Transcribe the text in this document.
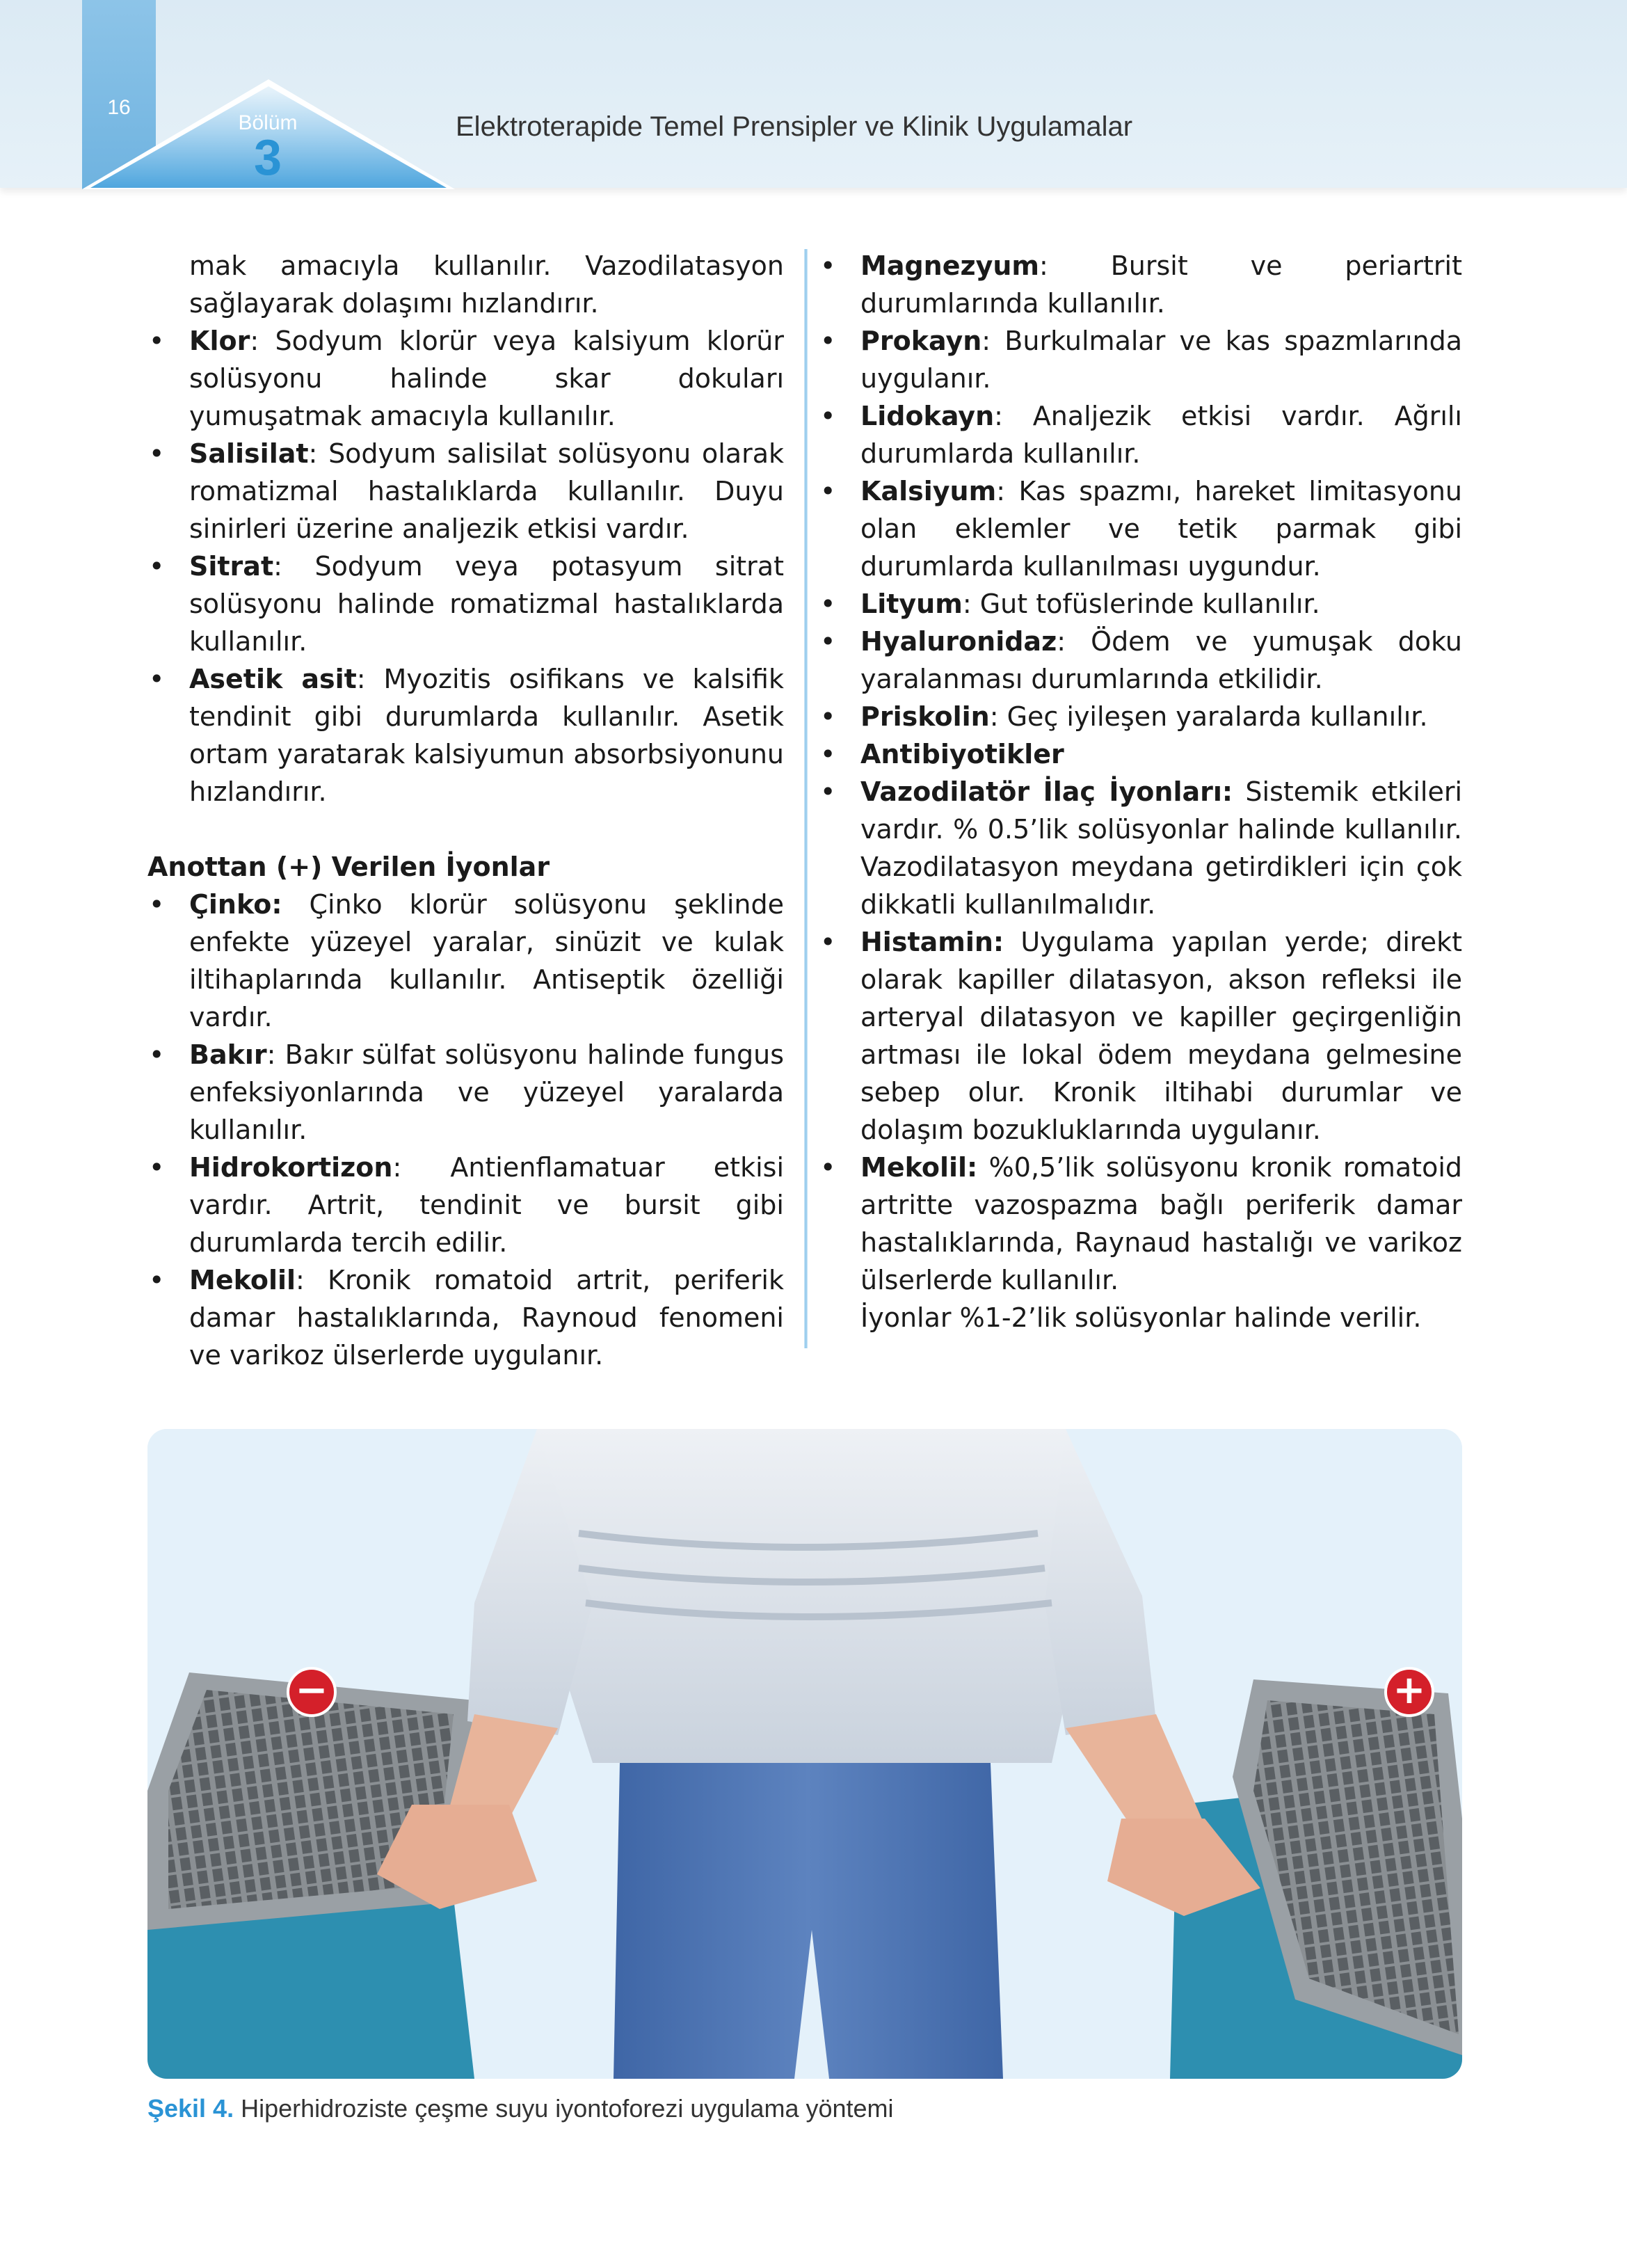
16
Bölüm
3
Elektroterapide Temel Prensipler ve Klinik Uygulamalar

mak amacıyla kullanılır. Vazodilatasyon sağlayarak dolaşımı hızlandırır.

• Klor: Sodyum klorür veya kalsiyum klorür solüsyonu halinde skar dokuları yumuşatmak amacıyla kullanılır.
• Salisilat: Sodyum salisilat solüsyonu olarak romatizmal hastalıklarda kullanılır. Duyu sinirleri üzerine analjezik etkisi vardır.
• Sitrat: Sodyum veya potasyum sitrat solüsyonu halinde romatizmal hastalıklarda kullanılır.
• Asetik asit: Myozitis osifikans ve kalsifik tendinit gibi durumlarda kullanılır. Asetik ortam yaratarak kalsiyumun absorbsiyonunu hızlandırır.

Anottan (+) Verilen İyonlar

• Çinko: Çinko klorür solüsyonu şeklinde enfekte yüzeyel yaralar, sinüzit ve kulak iltihaplarında kullanılır. Antiseptik özelliği vardır.
• Bakır: Bakır sülfat solüsyonu halinde fungus enfeksiyonlarında ve yüzeyel yaralarda kullanılır.
• Hidrokortizon: Antienflamatuar etkisi vardır. Artrit, tendinit ve bursit gibi durumlarda tercih edilir.
• Mekolil: Kronik romatoid artrit, periferik damar hastalıklarında, Raynoud fenomeni ve varikoz ülserlerde uygulanır.
• Magnezyum: Bursit ve periartrit durumlarında kullanılır.
• Prokayn: Burkulmalar ve kas spazmlarında uygulanır.
• Lidokayn: Analjezik etkisi vardır. Ağrılı durumlarda kullanılır.
• Kalsiyum: Kas spazmı, hareket limitasyonu olan eklemler ve tetik parmak gibi durumlarda kullanılması uygundur.
• Lityum: Gut tofüslerinde kullanılır.
• Hyaluronidaz: Ödem ve yumuşak doku yaralanması durumlarında etkilidir.
• Priskolin: Geç iyileşen yaralarda kullanılır.
• Antibiyotikler
• Vazodilatör İlaç İyonları: Sistemik etkileri vardır. % 0.5’lik solüsyonlar halinde kullanılır. Vazodilatasyon meydana getirdikleri için çok dikkatli kullanılmalıdır.
• Histamin: Uygulama yapılan yerde; direkt olarak kapiller dilatasyon, akson refleksi ile arteryal dilatasyon ve kapiller geçirgenliğin artması ile lokal ödem meydana gelmesine sebep olur. Kronik iltihabi durumlar ve dolaşım bozukluklarında uygulanır.
• Mekolil: %0,5’lik solüsyonu kronik romatoid artritte vazospazma bağlı periferik damar hastalıklarında, Raynaud hastalığı ve varikoz ülserlerde kullanılır.

İyonlar %1-2’lik solüsyonlar halinde verilir.

−	+
Şekil 4. Hiperhidroziste çeşme suyu iyontoforezi uygulama yöntemi
